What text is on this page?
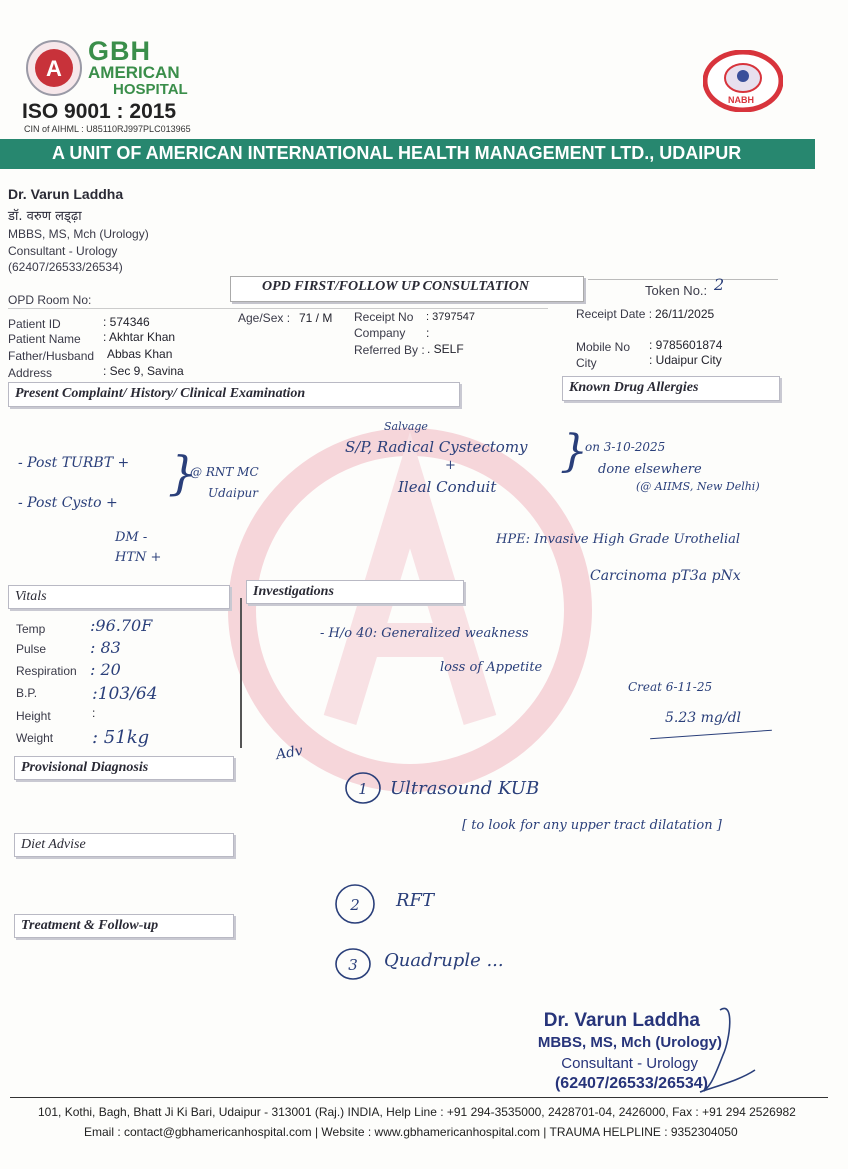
A
GBH
AMERICAN
HOSPITAL
ISO 9001 : 2015
CIN of AIHML : U85110RJ997PLC013965
NABH
A UNIT OF AMERICAN INTERNATIONAL HEALTH MANAGEMENT LTD., UDAIPUR
Dr. Varun Laddha
डॉ. वरुण लड्ढ़ा
MBBS, MS, Mch (Urology)
Consultant - Urology
(62407/26533/26534)
OPD FIRST/FOLLOW UP CONSULTATION	Token No.: 2
OPD Room No:
Patient ID	: 574346
Patient Name : Akhtar Khan
Father/Husband Abbas Khan
Address	: Sec 9, Savina
Age/Sex : 71 / M Receipt No : 3797547
Company :
Referred By : . SELF
Receipt Date : 26/11/2025
Mobile No : 9785601874
City	: Udaipur City
Present Complaint/ History/ Clinical Examination	Known Drug Allergies
Vitals	Investigations
Provisional Diagnosis
Diet Advise
Treatment & Follow-up
Temp	:96.70F
Pulse	: 83
Respiration : 20
B.P.	:103/64
Height	:
Weight : 51kg
- Post TURBT +
- Post Cysto +
}
@ RNT MC
Udaipur
DM -
HTN +
Salvage
S/P, Radical Cystectomy
+
Ileal Conduit
}
on 3-10-2025
done elsewhere
(@ AIIMS, New Delhi)
HPE: Invasive High Grade Urothelial
Carcinoma pT3a pNx
- H/o 40: Generalized weakness
loss of Appetite
Creat 6-11-25
5.23 mg/dl
Adv
1 Ultrasound KUB
[ to look for any upper tract dilatation ]
2 RFT
3 Quadruple ...
Dr. Varun Laddha
MBBS, MS, Mch (Urology)
Consultant - Urology
(62407/26533/26534)
101, Kothi, Bagh, Bhatt Ji Ki Bari, Udaipur - 313001 (Raj.) INDIA, Help Line : +91 294-3535000, 2428701-04, 2426000, Fax : +91 294 2526982
Email : contact@gbhamericanhospital.com | Website : www.gbhamericanhospital.com | TRAUMA HELPLINE : 9352304050
